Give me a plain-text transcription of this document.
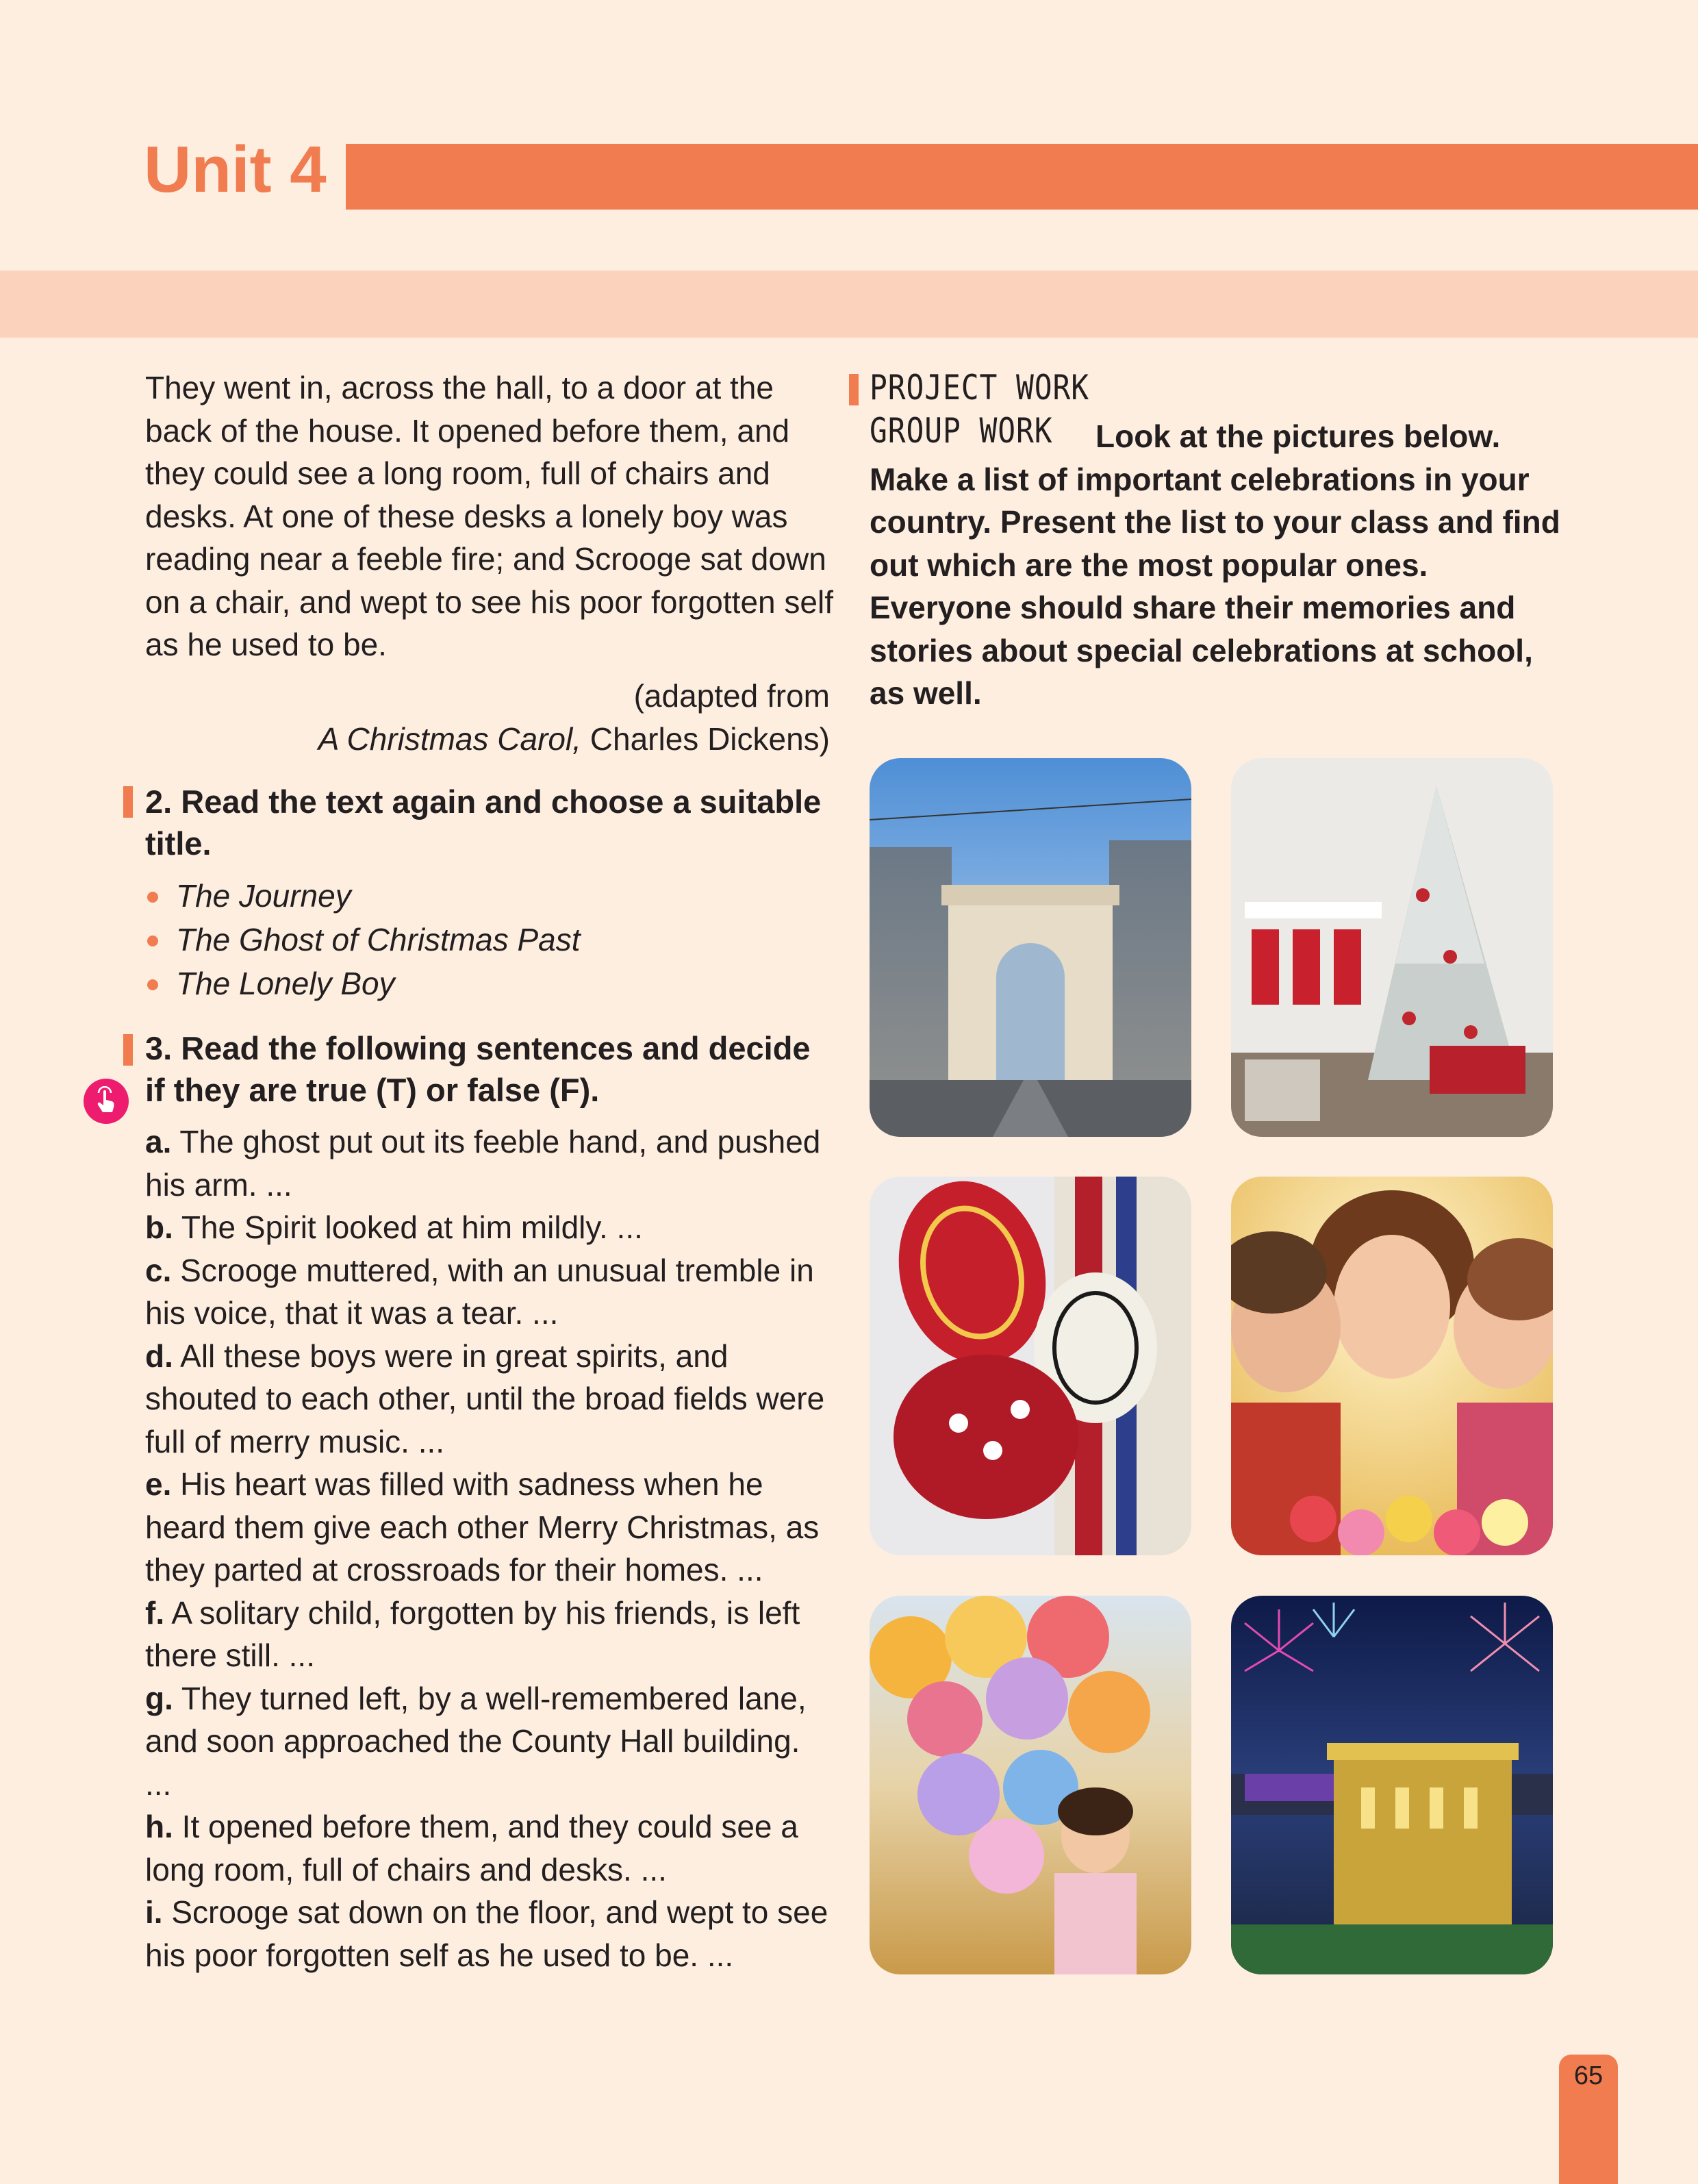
Unit 4

They went in, across the hall, to a door at the back of the house. It opened before them, and they could see a long room, full of chairs and desks. At one of these desks a lonely boy was reading near a feeble fire; and Scrooge sat down on a chair, and wept to see his poor forgotten self as he used to be.

(adapted from
A Christmas Carol, Charles Dickens)

2. Read the text again and choose a suitable title.

The Journey
The Ghost of Christmas Past
The Lonely Boy

3. Read the following sentences and decide if they are true (T) or false (F).

a. The ghost put out its feeble hand, and pushed his arm. ...

b. The Spirit looked at him mildly. ...

c. Scrooge muttered, with an unusual tremble in his voice, that it was a tear. ...

d. All these boys were in great spirits, and shouted to each other, until the broad fields were full of merry music. ...

e. His heart was filled with sadness when he heard them give each other Merry Christmas, as they parted at crossroads for their homes. ...

f. A solitary child, forgotten by his friends, is left there still. ...

g. They turned left, by a well-remembered lane, and soon approached the County Hall building. ...

h. It opened before them, and they could see a long room, full of chairs and desks. ...

i. Scrooge sat down on the floor, and wept to see his poor forgotten self as he used to be. ...

PROJECT WORK
GROUP WORK	Look at the pictures below. Make a list of important celebrations in your country. Present the list to your class and find out which are the most popular ones. Everyone should share their memories and stories about special celebrations at school, as well.

65
